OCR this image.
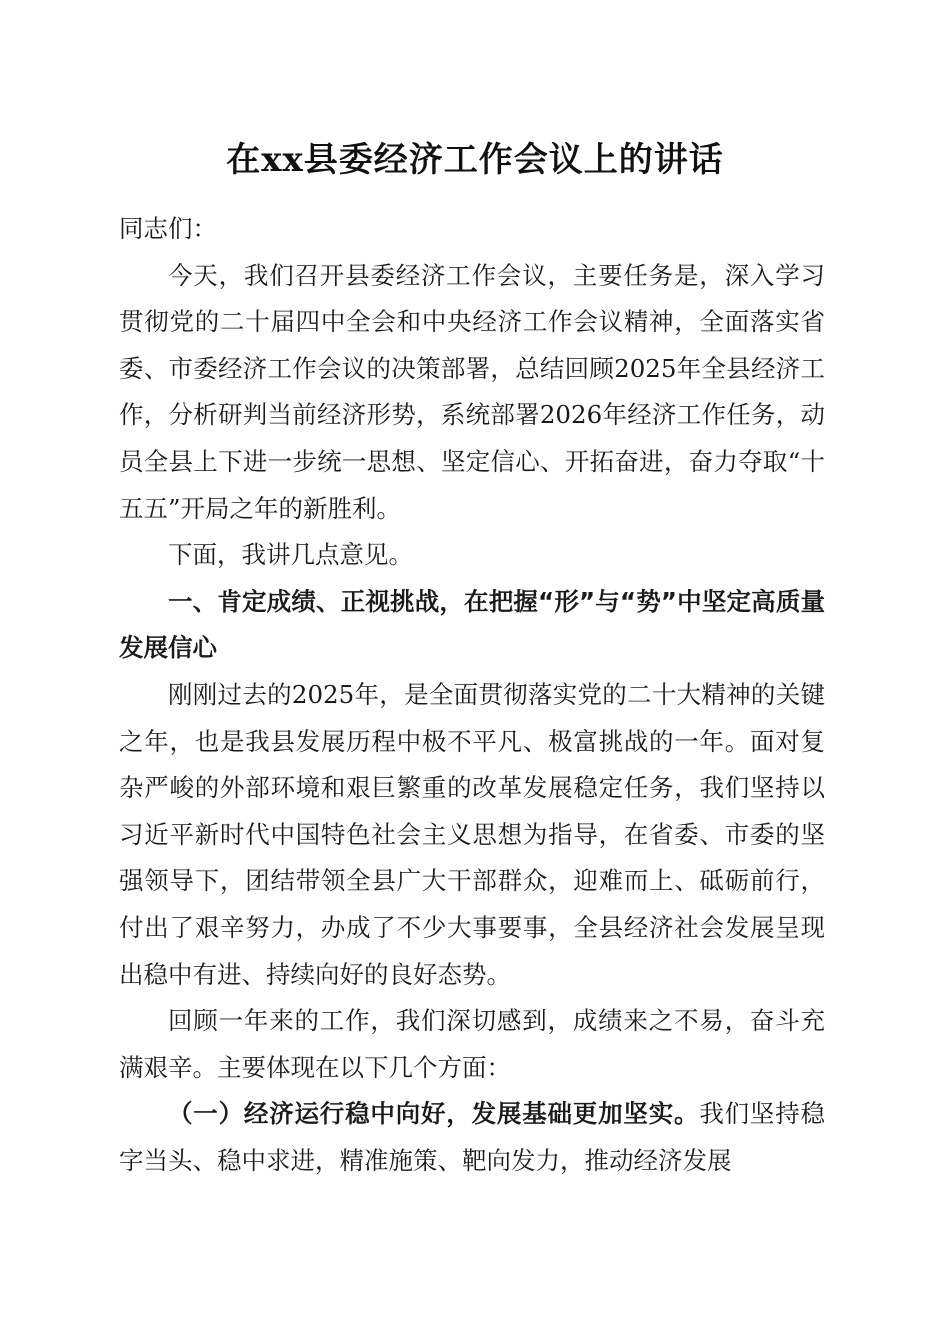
在xx县委经济工作会议上的讲话

同志们：

今天，我们召开县委经济工作会议，主要任务是，深入学习贯彻党的二十届四中全会和中央经济工作会议精神，全面落实省委、市委经济工作会议的决策部署，总结回顾2025年全县经济工作，分析研判当前经济形势，系统部署2026年经济工作任务，动员全县上下进一步统一思想、坚定信心、开拓奋进，奋力夺取“十五五”开局之年的新胜利。

下面，我讲几点意见。

一、肯定成绩、正视挑战，在把握“形”与“势”中坚定高质量发展信心

刚刚过去的2025年，是全面贯彻落实党的二十大精神的关键之年，也是我县发展历程中极不平凡、极富挑战的一年。面对复杂严峻的外部环境和艰巨繁重的改革发展稳定任务，我们坚持以习近平新时代中国特色社会主义思想为指导，在省委、市委的坚强领导下，团结带领全县广大干部群众，迎难而上、砥砺前行，付出了艰辛努力，办成了不少大事要事，全县经济社会发展呈现出稳中有进、持续向好的良好态势。

回顾一年来的工作，我们深切感到，成绩来之不易，奋斗充满艰辛。主要体现在以下几个方面：

（一）经济运行稳中向好，发展基础更加坚实。我们坚持稳字当头、稳中求进，精准施策、靶向发力，推动经济发展
